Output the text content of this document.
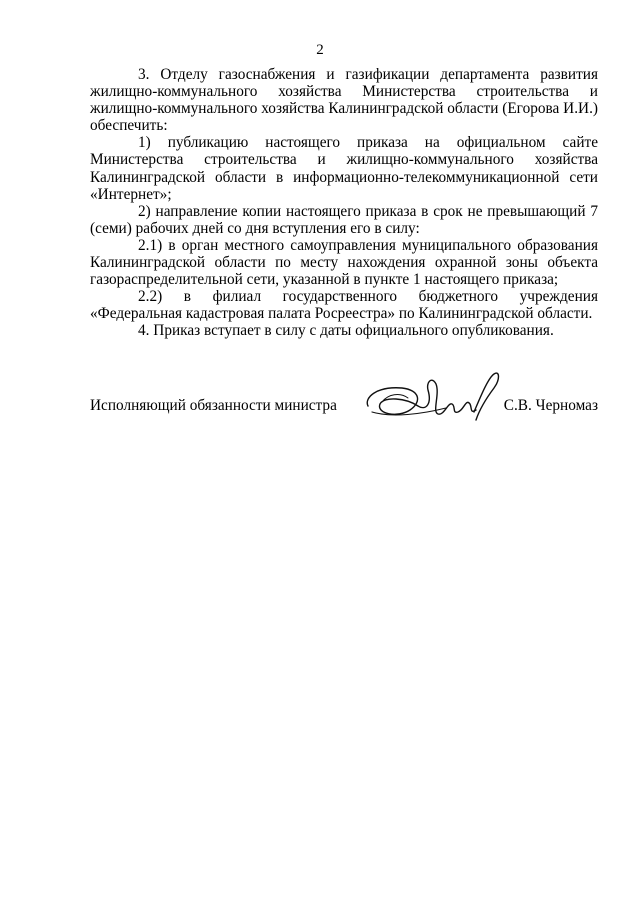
2

3. Отделу газоснабжения и газификации департамента развития жилищно-коммунального хозяйства Министерства строительства и жилищно-коммунального хозяйства Калининградской области (Егорова И.И.) обеспечить:

1) публикацию настоящего приказа на официальном сайте Министерства строительства и жилищно-коммунального хозяйства Калининградской области в информационно-телекоммуникационной сети «Интернет»;

2) направление копии настоящего приказа в срок не превышающий 7 (семи) рабочих дней со дня вступления его в силу:

2.1) в орган местного самоуправления муниципального образования Калининградской области по месту нахождения охранной зоны объекта газораспределительной сети, указанной в пункте 1 настоящего приказа;

2.2) в филиал государственного бюджетного учреждения «Федеральная кадастровая палата Росреестра» по Калининградской области.

4. Приказ вступает в силу с даты официального опубликования.

Исполняющий обязанности министра	С.В. Черномаз
